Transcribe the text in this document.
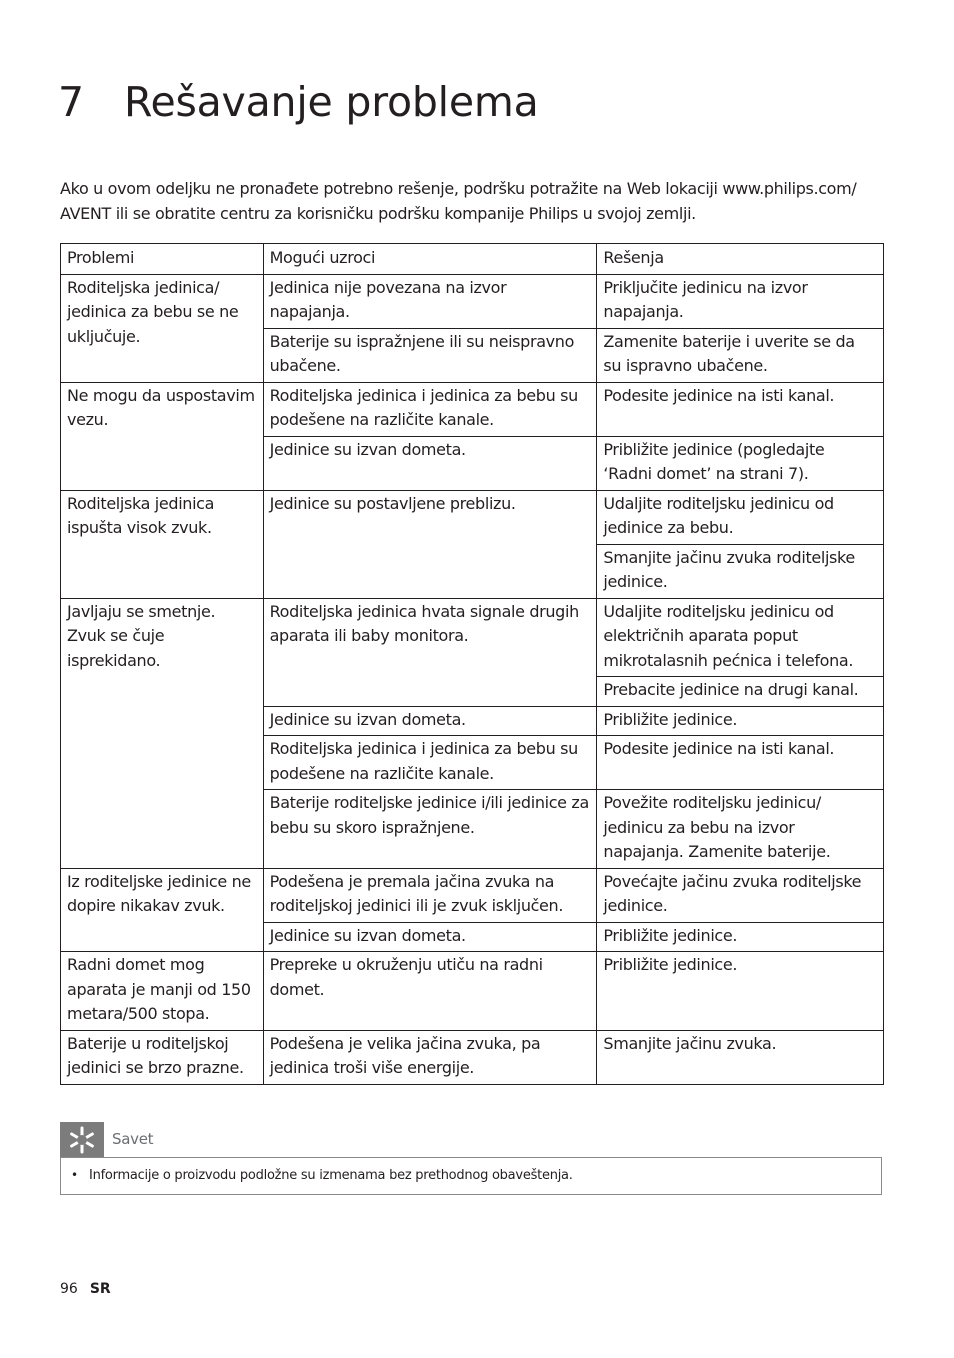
7 Rešavanje problema

Ako u ovom odeljku ne pronađete potrebno rešenje, podršku potražite na Web lokaciji www.philips.com/ AVENT ili se obratite centru za korisničku podršku kompanije Philips u svojoj zemlji.

Problemi	Mogući uzroci	Rešenja
Roditeljska jedinica/ jedinica za bebu se ne uključuje.	Jedinica nije povezana na izvor napajanja.	Priključite jedinicu na izvor napajanja.
	Baterije su ispražnjene ili su neispravno ubačene.	Zamenite baterije i uverite se da su ispravno ubačene.
Ne mogu da uspostavim vezu.	Roditeljska jedinica i jedinica za bebu su podešene na različite kanale.	Podesite jedinice na isti kanal.
	Jedinice su izvan dometa.	Približite jedinice (pogledajte ‘Radni domet’ na strani 7).
Roditeljska jedinica ispušta visok zvuk.	Jedinice su postavljene preblizu.	Udaljite roditeljsku jedinicu od jedinice za bebu.
		Smanjite jačinu zvuka roditeljske jedinice.
Javljaju se smetnje. Zvuk se čuje isprekidano.	Roditeljska jedinica hvata signale drugih aparata ili baby monitora.	Udaljite roditeljsku jedinicu od električnih aparata poput mikrotalasnih pećnica i telefona.
		Prebacite jedinice na drugi kanal.
	Jedinice su izvan dometa.	Približite jedinice.
	Roditeljska jedinica i jedinica za bebu su podešene na različite kanale.	Podesite jedinice na isti kanal.
	Baterije roditeljske jedinice i/ili jedinice za bebu su skoro ispražnjene.	Povežite roditeljsku jedinicu/ jedinicu za bebu na izvor napajanja. Zamenite baterije.
Iz roditeljske jedinice ne dopire nikakav zvuk.	Podešena je premala jačina zvuka na roditeljskoj jedinici ili je zvuk isključen.	Povećajte jačinu zvuka roditeljske jedinice.
	Jedinice su izvan dometa.	Približite jedinice.
Radni domet mog aparata je manji od 150 metara/500 stopa.	Prepreke u okruženju utiču na radni domet.	Približite jedinice.
Baterije u roditeljskoj jedinici se brzo prazne.	Podešena je velika jačina zvuka, pa jedinica troši više energije.	Smanjite jačinu zvuka.
Savet
• Informacije o proizvodu podložne su izmenama bez prethodnog obaveštenja.
96 SR
